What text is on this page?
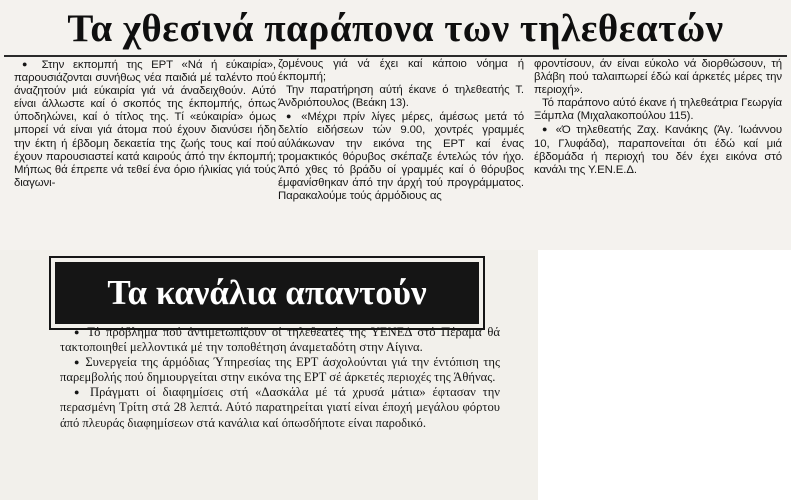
Τα χθεσινά παράπονα των τηλεθεατών

● Στην εκπομπή της ΕΡΤ «Νά ή εύκαιρία», παρουσιάζονται συνήθως νέα παιδιά μέ ταλέντο πού άναζητούν μιά εύκαιρία γιά νά άναδειχθούν. Αύτό είναι άλλωστε καί ό σκοπός της έκπομπής, όπως ύποδηλώνει, καί ό τίτλος της. Τί «εύκαιρία» όμως μπορεί νά είναι γιά άτομα πού έχουν διανύσει ήδη την έκτη ή έβδομη δεκαετία της ζωής τους καί πού έχουν παρουσιαστεί κατά καιρούς άπό την έκπομπή; Μήπως θά έπρεπε νά τεθεί ένα όριο ήλικίας γιά τούς διαγωνι-

ζομένους γιά νά έχει καί κάποιο νόημα ή έκπομπή;

Την παρατήρηση αύτή έκανε ό τηλεθεατής Τ. Άνδριόπουλος (Βεάκη 13).

● «Μέχρι πρίν λίγες μέρες, άμέσως μετά τό δελτίο ειδήσεων τών 9.00, χοντρές γραμμές αύλάκωναν την εικόνα της ΕΡΤ καί ένας τρομακτικός θόρυβος σκέπαζε έντελώς τόν ήχο. Άπό χθες τό βράδυ οί γραμμές καί ό θόρυβος έμφανίσθηκαν άπό την άρχή τού προγράμματος. Παρακαλούμε τούς άρμόδιους ας

φροντίσουν, άν είναι εύκολο νά διορθώσουν, τή βλάβη πού ταλαιπωρεί έδώ καί άρκετές μέρες την περιοχή».

Τό παράπονο αύτό έκανε ή τηλεθεάτρια Γεωργία Ξάμπλα (Μιχαλακοπούλου 115).

● «Ό τηλεθεατής Ζαχ. Κανάκης (Άγ. Ίωάννου 10, Γλυφάδα), παραπονείται ότι έδώ καί μιά έβδομάδα ή περιοχή του δέν έχει εικόνα στό κανάλι της Υ.ΕΝ.Ε.Δ.

Τα κανάλια απαντούν

● Τό πρόβλημα πού άντιμετωπίζουν οί τηλεθεατές της ΥΕΝΕΔ στό Πέραμα θά τακτοποιηθεί μελλοντικά μέ την τοποθέτηση άναμεταδότη στην Αίγινα.

● Συνεργεία της άρμόδιας Ύπηρεσίας της ΕΡΤ άσχολούνται γιά την έντόπιση της παρεμβολής πού δημιουργείται στην εικόνα της ΕΡΤ σέ άρκετές περιοχές της Άθήνας.

● Πράγματι οί διαφημίσεις στή «Δασκάλα μέ τά χρυσά μάτια» έφτασαν την περασμένη Τρίτη στά 28 λεπτά. Αύτό παρατηρείται γιατί είναι έποχή μεγάλου φόρτου άπό πλευράς διαφημίσεων στά κανάλια καί όπωσδήποτε είναι παροδικό.
